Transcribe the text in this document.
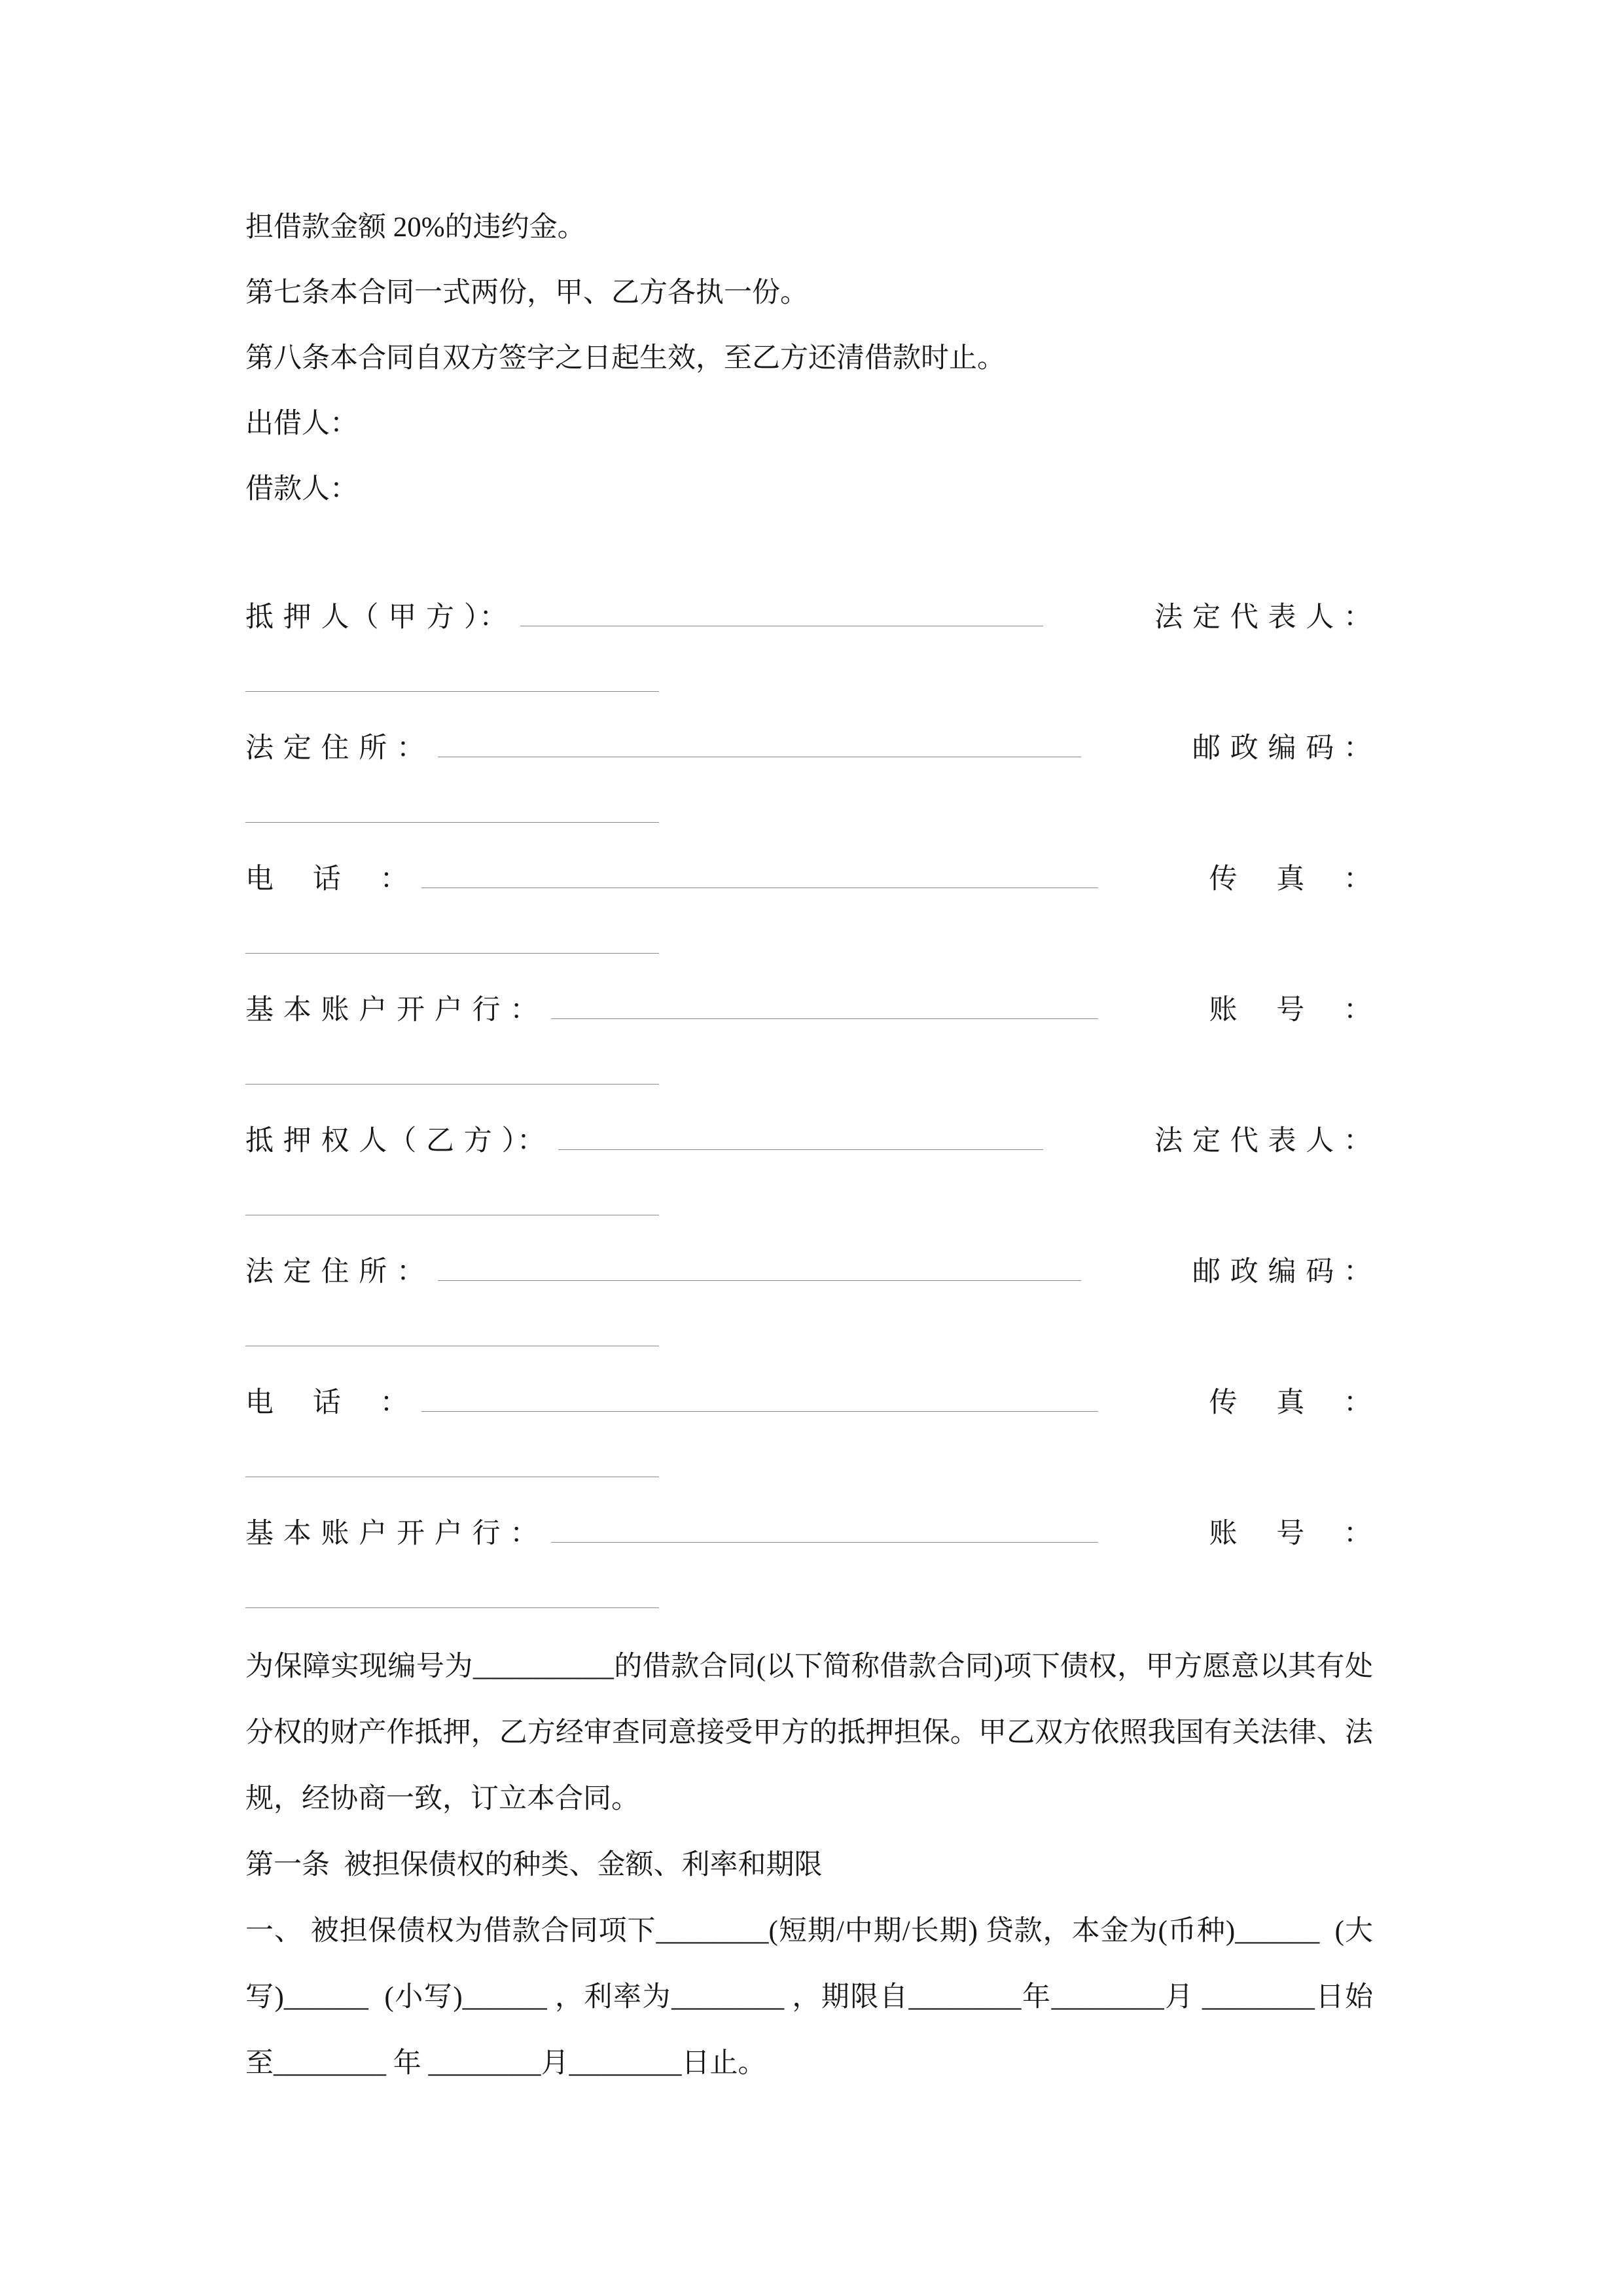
担借款金额 20%的违约金。

第七条本合同一式两份，甲、乙方各执一份。

第八条本合同自双方签字之日起生效，至乙方还清借款时止。

出借人：

借款人：

抵 押 人（ 甲 方 ）：	法 定 代 表 人 ：

法 定 住 所 ：	邮 政 编 码 ：

电　 话　 ：	传　 真　 ：

基 本 账 户 开 户 行 ：	账　 号　 ：

抵 押 权 人（ 乙 方 ）：	法 定 代 表 人 ：

法 定 住 所 ：	邮 政 编 码 ：

电　 话　 ：	传　 真　 ：

基 本 账 户 开 户 行 ：	账　 号　 ：

为保障实现编号为__________的借款合同(以下简称借款合同)项下债权，甲方愿意以其有处分权的财产作抵押，乙方经审查同意接受甲方的抵押担保。甲乙双方依照我国有关法律、法规，经协商一致，订立本合同。

第一条  被担保债权的种类、金额、利率和期限

一、 被担保债权为借款合同项下________(短期/中期/长期) 贷款，本金为(币种)______  (大写)______  (小写)______ ，利率为________ ，期限自________年________月 ________日始至________ 年 ________月________日止。
